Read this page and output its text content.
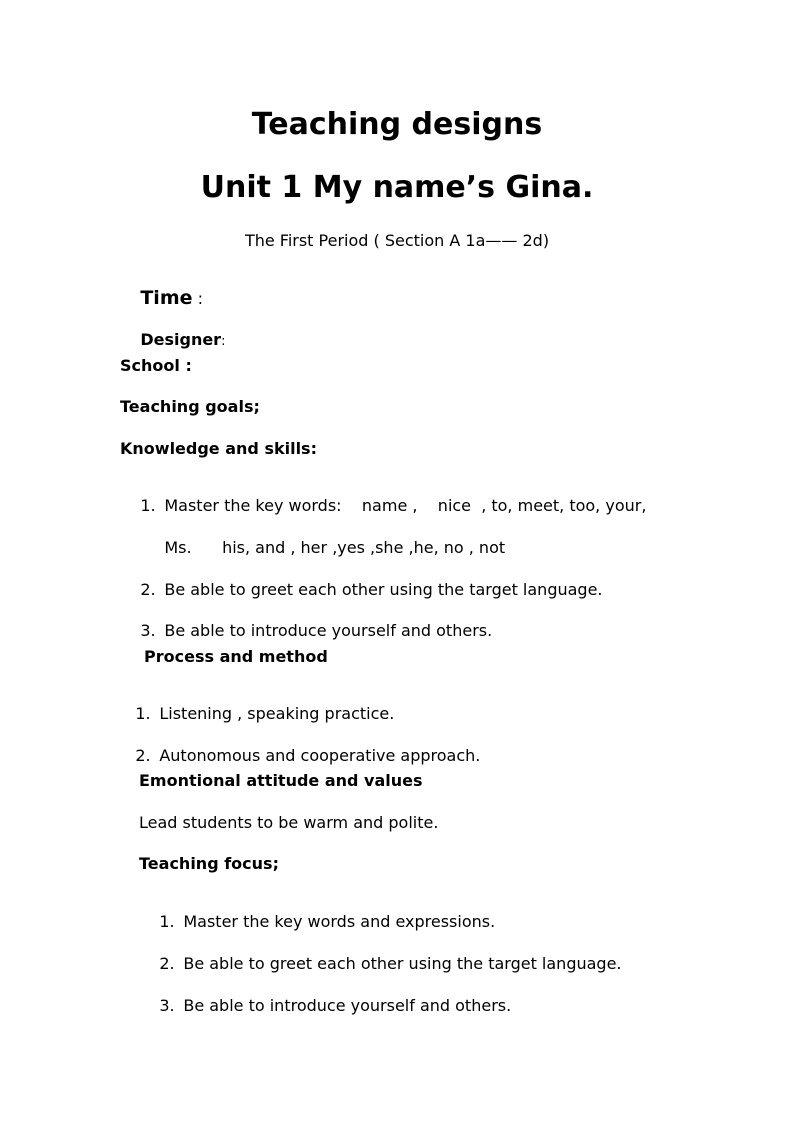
Teaching designs
Unit 1 My name’s Gina.
The First Period ( Section A 1a—— 2d)

Time :

Designer:

School :
Teaching goals;
Knowledge and skills:

1. Master the key words:    name ,    nice  , to, meet, too, your,

Ms.      his, and , her ,yes ,she ,he, no , not

2. Be able to greet each other using the target language.

3. Be able to introduce yourself and others.

Process and method

1. Listening , speaking practice.

2. Autonomous and cooperative approach.

Emontional attitude and values
Lead students to be warm and polite.
Teaching focus;

1. Master the key words and expressions.

2. Be able to greet each other using the target language.

3. Be able to introduce yourself and others.
